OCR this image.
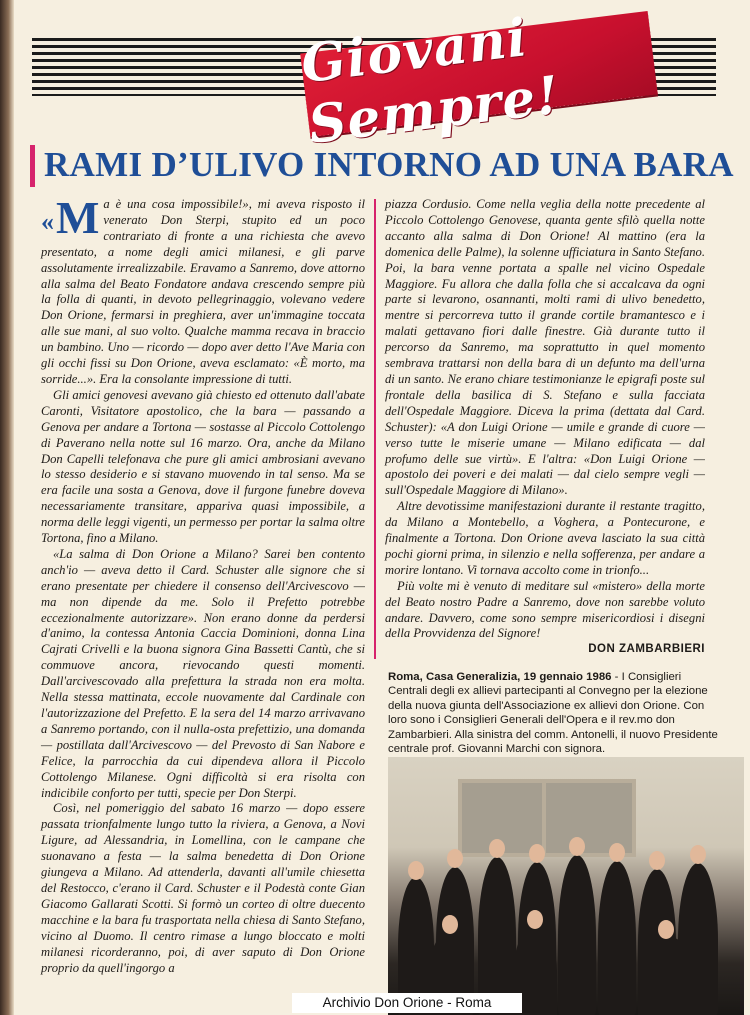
Giovani Sempre!
RAMI D’ULIVO INTORNO AD UNA BARA

« M a è una cosa impossibile!», mi aveva risposto il venerato Don Sterpi, stupito ed un poco contrariato di fronte a una richiesta che avevo presentato, a nome degli amici milanesi, e gli parve assolutamente irrealizzabile. Eravamo a Sanremo, dove attorno alla salma del Beato Fondatore andava crescendo sempre più la folla di quanti, in devoto pellegrinaggio, volevano vedere Don Orione, fermarsi in preghiera, aver un'immagine toccata alle sue mani, al suo volto. Qualche mamma recava in braccio un bambino. Uno — ricordo — dopo aver detto l'Ave Maria con gli occhi fissi su Don Orione, aveva esclamato: «È morto, ma sorride...». Era la consolante impressione di tutti.

Gli amici genovesi avevano già chiesto ed ottenuto dall'abate Caronti, Visitatore apostolico, che la bara — passando a Genova per andare a Tortona — sostasse al Piccolo Cottolengo di Paverano nella notte sul 16 marzo. Ora, anche da Milano Don Capelli telefonava che pure gli amici ambrosiani avevano lo stesso desiderio e si stavano muovendo in tal senso. Ma se era facile una sosta a Genova, dove il furgone funebre doveva necessariamente transitare, appariva quasi impossibile, a norma delle leggi vigenti, un permesso per portar la salma oltre Tortona, fino a Milano.

«La salma di Don Orione a Milano? Sarei ben contento anch'io — aveva detto il Card. Schuster alle signore che si erano presentate per chiedere il consenso dell'Arcivescovo — ma non dipende da me. Solo il Prefetto potrebbe eccezionalmente autorizzare». Non erano donne da perdersi d'animo, la contessa Antonia Caccia Dominioni, donna Lina Cajrati Crivelli e la buona signora Gina Bassetti Cantù, che si commuove ancora, rievocando questi momenti. Dall'arcivescovado alla prefettura la strada non era molta. Nella stessa mattinata, eccole nuovamente dal Cardinale con l'autorizzazione del Prefetto. E la sera del 14 marzo arrivavano a Sanremo portando, con il nulla-osta prefettizio, una domanda — postillata dall'Arcivescovo — del Prevosto di San Nabore e Felice, la parrocchia da cui dipendeva allora il Piccolo Cottolengo Milanese. Ogni difficoltà si era risolta con indicibile conforto per tutti, specie per Don Sterpi.

Così, nel pomeriggio del sabato 16 marzo — dopo essere passata trionfalmente lungo tutto la riviera, a Genova, a Novi Ligure, ad Alessandria, in Lomellina, con le campane che suonavano a festa — la salma benedetta di Don Orione giungeva a Milano. Ad attenderla, davanti all'umile chiesetta del Restocco, c'erano il Card. Schuster e il Podestà conte Gian Giacomo Gallarati Scotti. Si formò un corteo di oltre duecento macchine e la bara fu trasportata nella chiesa di Santo Stefano, vicino al Duomo. Il centro rimase a lungo bloccato e molti milanesi ricorderanno, poi, di aver saputo di Don Orione proprio da quell'ingorgo a

piazza Cordusio. Come nella veglia della notte precedente al Piccolo Cottolengo Genovese, quanta gente sfilò quella notte accanto alla salma di Don Orione! Al mattino (era la domenica delle Palme), la solenne ufficiatura in Santo Stefano. Poi, la bara venne portata a spalle nel vicino Ospedale Maggiore. Fu allora che dalla folla che si accalcava da ogni parte si levarono, osannanti, molti rami di ulivo benedetto, mentre si percorreva tutto il grande cortile bramantesco e i malati gettavano fiori dalle finestre. Già durante tutto il percorso da Sanremo, ma soprattutto in quel momento sembrava trattarsi non della bara di un defunto ma dell'urna di un santo. Ne erano chiare testimonianze le epigrafi poste sul frontale della basilica di S. Stefano e sulla facciata dell'Ospedale Maggiore. Diceva la prima (dettata dal Card. Schuster): «A don Luigi Orione — umile e grande di cuore — verso tutte le miserie umane — Milano edificata — dal profumo delle sue virtù». E l'altra: «Don Luigi Orione — apostolo dei poveri e dei malati — dal cielo sempre vegli — sull'Ospedale Maggiore di Milano».

Altre devotissime manifestazioni durante il restante tragitto, da Milano a Montebello, a Voghera, a Pontecurone, e finalmente a Tortona. Don Orione aveva lasciato la sua città pochi giorni prima, in silenzio e nella sofferenza, per andare a morire lontano. Vi tornava accolto come in trionfo...

Più volte mi è venuto di meditare sul «mistero» della morte del Beato nostro Padre a Sanremo, dove non sarebbe voluto andare. Davvero, come sono sempre misericordiosi i disegni della Provvidenza del Signore!

DON ZAMBARBIERI
Roma, Casa Generalizia, 19 gennaio 1986 - I Consiglieri Centrali degli ex allievi partecipanti al Convegno per la elezione della nuova giunta dell'Associazione ex allievi don Orione. Con loro sono i Consiglieri Generali dell'Opera e il rev.mo don Zambarbieri. Alla sinistra del comm. Antonelli, il nuovo Presidente centrale prof. Giovanni Marchi con signora.
Archivio Don Orione - Roma
